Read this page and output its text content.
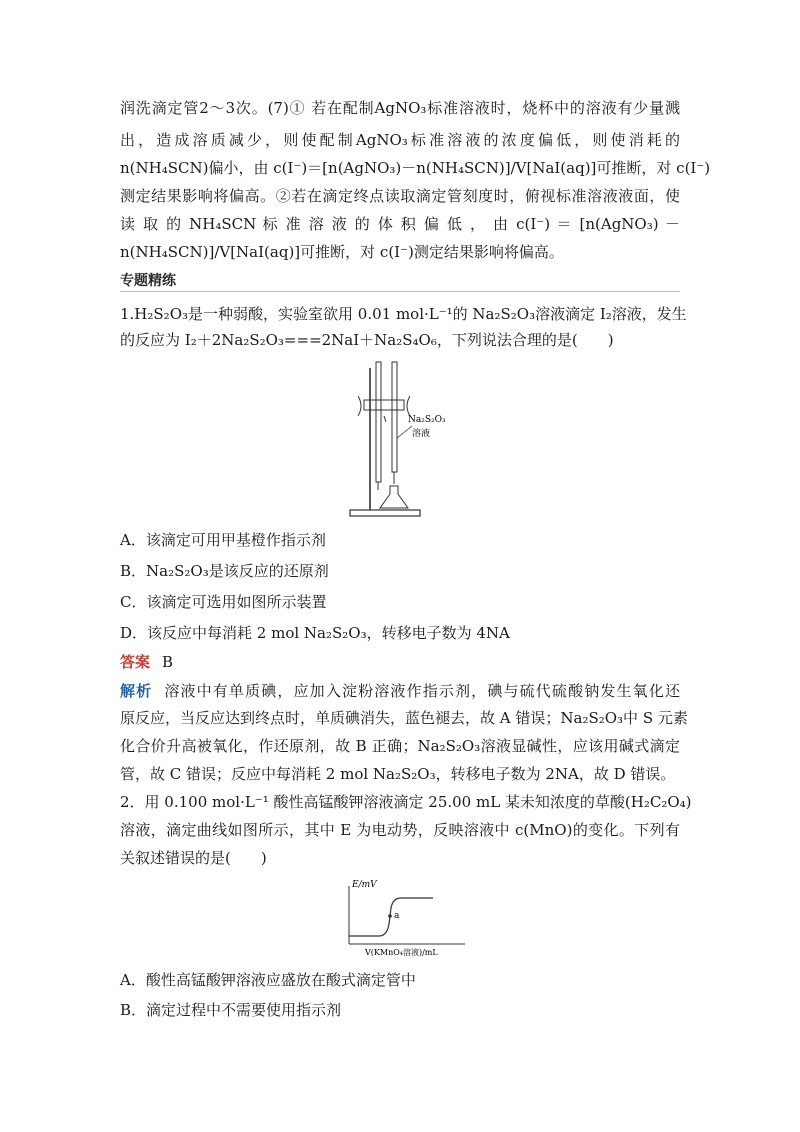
润洗滴定管2～3次。(7)① 若在配制AgNO₃标准溶液时，烧杯中的溶液有少量溅
出，造成溶质减少，则使配制AgNO₃标准溶液的浓度偏低，则使消耗的
n(NH₄SCN)偏小，由 c(I⁻)＝[n(AgNO₃)－n(NH₄SCN)]/V[NaI(aq)]可推断，对 c(I⁻)
测定结果影响将偏高。②若在滴定终点读取滴定管刻度时，俯视标准溶液液面，使
读 取 的 NH₄SCN 标 准 溶 液 的 体 积 偏 低 ， 由 c(I⁻) ＝ [n(AgNO₃) －
n(NH₄SCN)]/V[NaI(aq)]可推断，对 c(I⁻)测定结果影响将偏高。
专题精练
1.H₂S₂O₃是一种弱酸，实验室欲用 0.01 mol·L⁻¹的 Na₂S₂O₃溶液滴定 I₂溶液，发生
的反应为 I₂＋2Na₂S₂O₃===2NaI＋Na₂S₄O₆，下列说法合理的是(　　)
Na₂S₂O₃
溶液
A．该滴定可用甲基橙作指示剂
B．Na₂S₂O₃是该反应的还原剂
C．该滴定可选用如图所示装置
D．该反应中每消耗 2 mol Na₂S₂O₃，转移电子数为 4NA
答案 B
解析 溶液中有单质碘，应加入淀粉溶液作指示剂，碘与硫代硫酸钠发生氧化还
原反应，当反应达到终点时，单质碘消失，蓝色褪去，故 A 错误；Na₂S₂O₃中 S 元素
化合价升高被氧化，作还原剂，故 B 正确；Na₂S₂O₃溶液显碱性，应该用碱式滴定
管，故 C 错误；反应中每消耗 2 mol Na₂S₂O₃，转移电子数为 2NA，故 D 错误。
2．用 0.100 mol·L⁻¹ 酸性高锰酸钾溶液滴定 25.00 mL 某未知浓度的草酸(H₂C₂O₄)
溶液，滴定曲线如图所示，其中 E 为电动势，反映溶液中 c(MnO)的变化。下列有
关叙述错误的是(　　)
a
E/mV
V(KMnO₄溶液)/mL
A．酸性高锰酸钾溶液应盛放在酸式滴定管中
B．滴定过程中不需要使用指示剂
